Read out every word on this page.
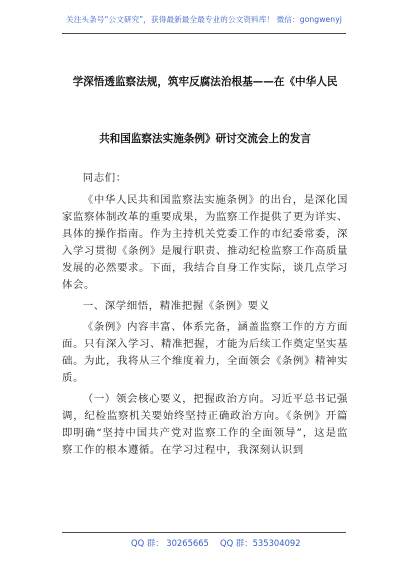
关注头条号“公文研究”，获得最新最全最专业的公文资料库！ 微信：gongwenyj
学深悟透监察法规，筑牢反腐法治根基——在《中华人民
共和国监察法实施条例》研讨交流会上的发言

同志们：

《中华人民共和国监察法实施条例》的出台，是深化国家监察体制改革的重要成果，为监察工作提供了更为详实、具体的操作指南。作为主持机关党委工作的市纪委常委，深入学习贯彻《条例》是履行职责、推动纪检监察工作高质量发展的必然要求。下面，我结合自身工作实际，谈几点学习体会。

一、深学细悟，精准把握《条例》要义

《条例》内容丰富、体系完备，涵盖监察工作的方方面面。只有深入学习、精准把握，才能为后续工作奠定坚实基础。为此，我将从三个维度着力，全面领会《条例》精神实质。

（一）领会核心要义，把握政治方向。习近平总书记强调，纪检监察机关要始终坚持正确政治方向。《条例》开篇即明确“坚持中国共产党对监察工作的全面领导”，这是监察工作的根本遵循。在学习过程中，我深刻认识到

QQ 群： 30265665 QQ 群：535304092
